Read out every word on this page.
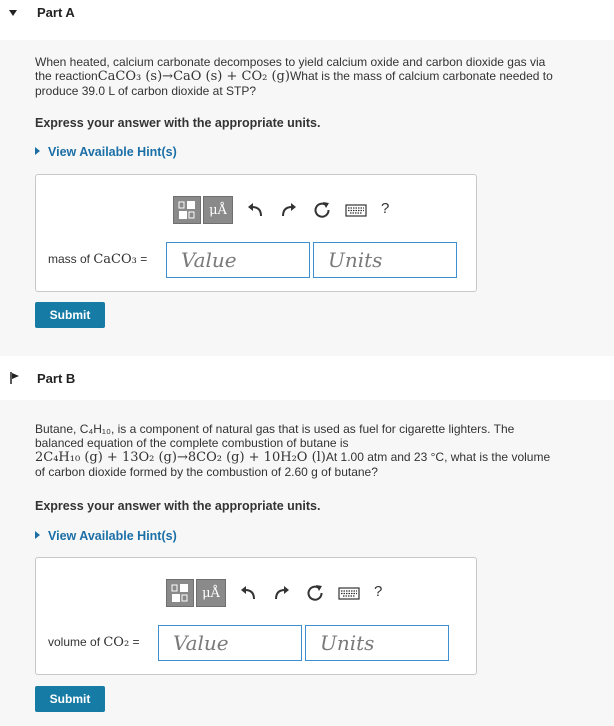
Part A
When heated, calcium carbonate decomposes to yield calcium oxide and carbon dioxide gas via
the reactionCaCO₃ (s)→CaO (s) + CO₂ (g)What is the mass of calcium carbonate needed to
produce 39.0 L of carbon dioxide at STP?
Express your answer with the appropriate units.
View Available Hint(s)
μÅ	?
mass of CaCO₃ =	Value	Units
Submit
Part B
Butane, C₄H₁₀, is a component of natural gas that is used as fuel for cigarette lighters. The
balanced equation of the complete combustion of butane is
2C₄H₁₀ (g) + 13O₂ (g)→8CO₂ (g) + 10H₂O (l)At 1.00 atm and 23 °C, what is the volume
of carbon dioxide formed by the combustion of 2.60 g of butane?
Express your answer with the appropriate units.
View Available Hint(s)
μÅ	?
volume of CO₂ =	Value	Units
Submit
